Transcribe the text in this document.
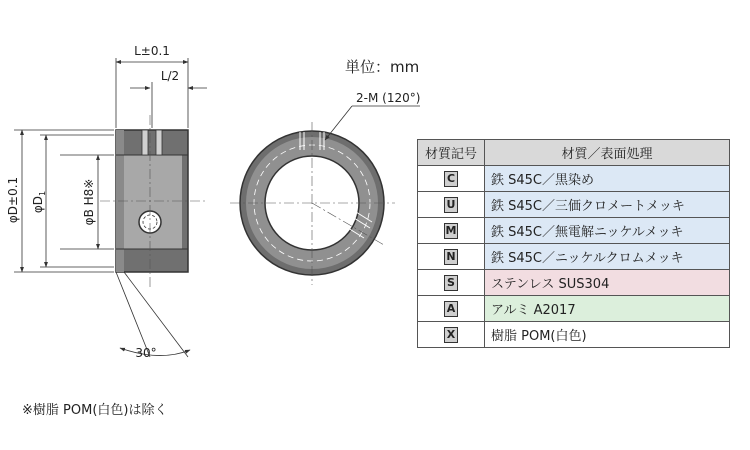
L±0.1
L/2
φD±0.1 $\varphi D_1$	φB H8※
30°
2-M (120°)
単位：mm
材質記号	材質／表面処理
C	鉄 S45C／黒染め
U	鉄 S45C／三価クロメートメッキ
M	鉄 S45C／無電解ニッケルメッキ
N	鉄 S45C／ニッケルクロムメッキ
S	ステンレス SUS304
A	アルミ A2017
X	樹脂 POM(白色)
※樹脂 POM(白色)は除く
